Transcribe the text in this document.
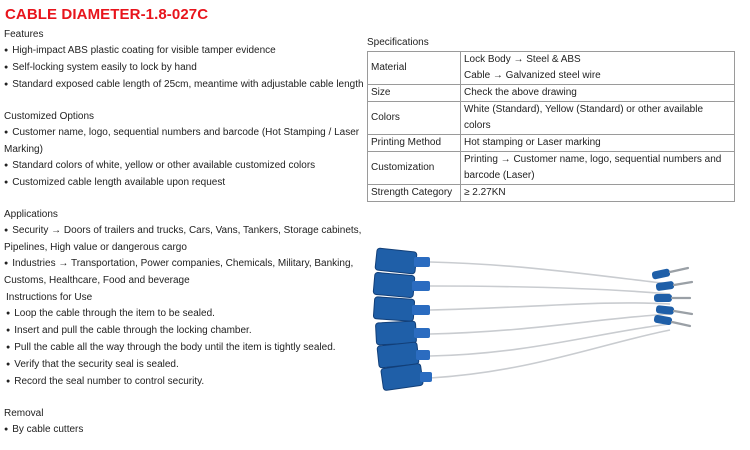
CABLE DIAMETER-1.8-027C
Features
● High-impact ABS plastic coating for visible tamper evidence
● Self-locking system easily to lock by hand
● Standard exposed cable length of 25cm, meantime with adjustable cable length
Customized Options
● Customer name, logo, sequential numbers and barcode (Hot Stamping / Laser Marking)
● Standard colors of white, yellow or other available customized colors
● Customized cable length available upon request
Applications
● Security → Doors of trailers and trucks, Cars, Vans, Tankers, Storage cabinets, Pipelines, High value or dangerous cargo
● Industries → Transportation, Power companies, Chemicals, Military, Banking, Customs, Healthcare, Food and beverage
Instructions for Use
● Loop the cable through the item to be sealed.
● Insert and pull the cable through the locking chamber.
● Pull the cable all the way through the body until the item is tightly sealed.
● Verify that the security seal is sealed.
● Record the seal number to control security.
Removal
● By cable cutters
Specifications
Material	Lock Body → Steel & ABS
Cable → Galvanized steel wire

Size	Check the above drawing
Colors	White (Standard), Yellow (Standard) or other available colors
Printing Method	Hot stamping or Laser marking
Customization	Printing → Customer name, logo, sequential numbers and
barcode (Laser)

Strength Category	≥ 2.27KN
